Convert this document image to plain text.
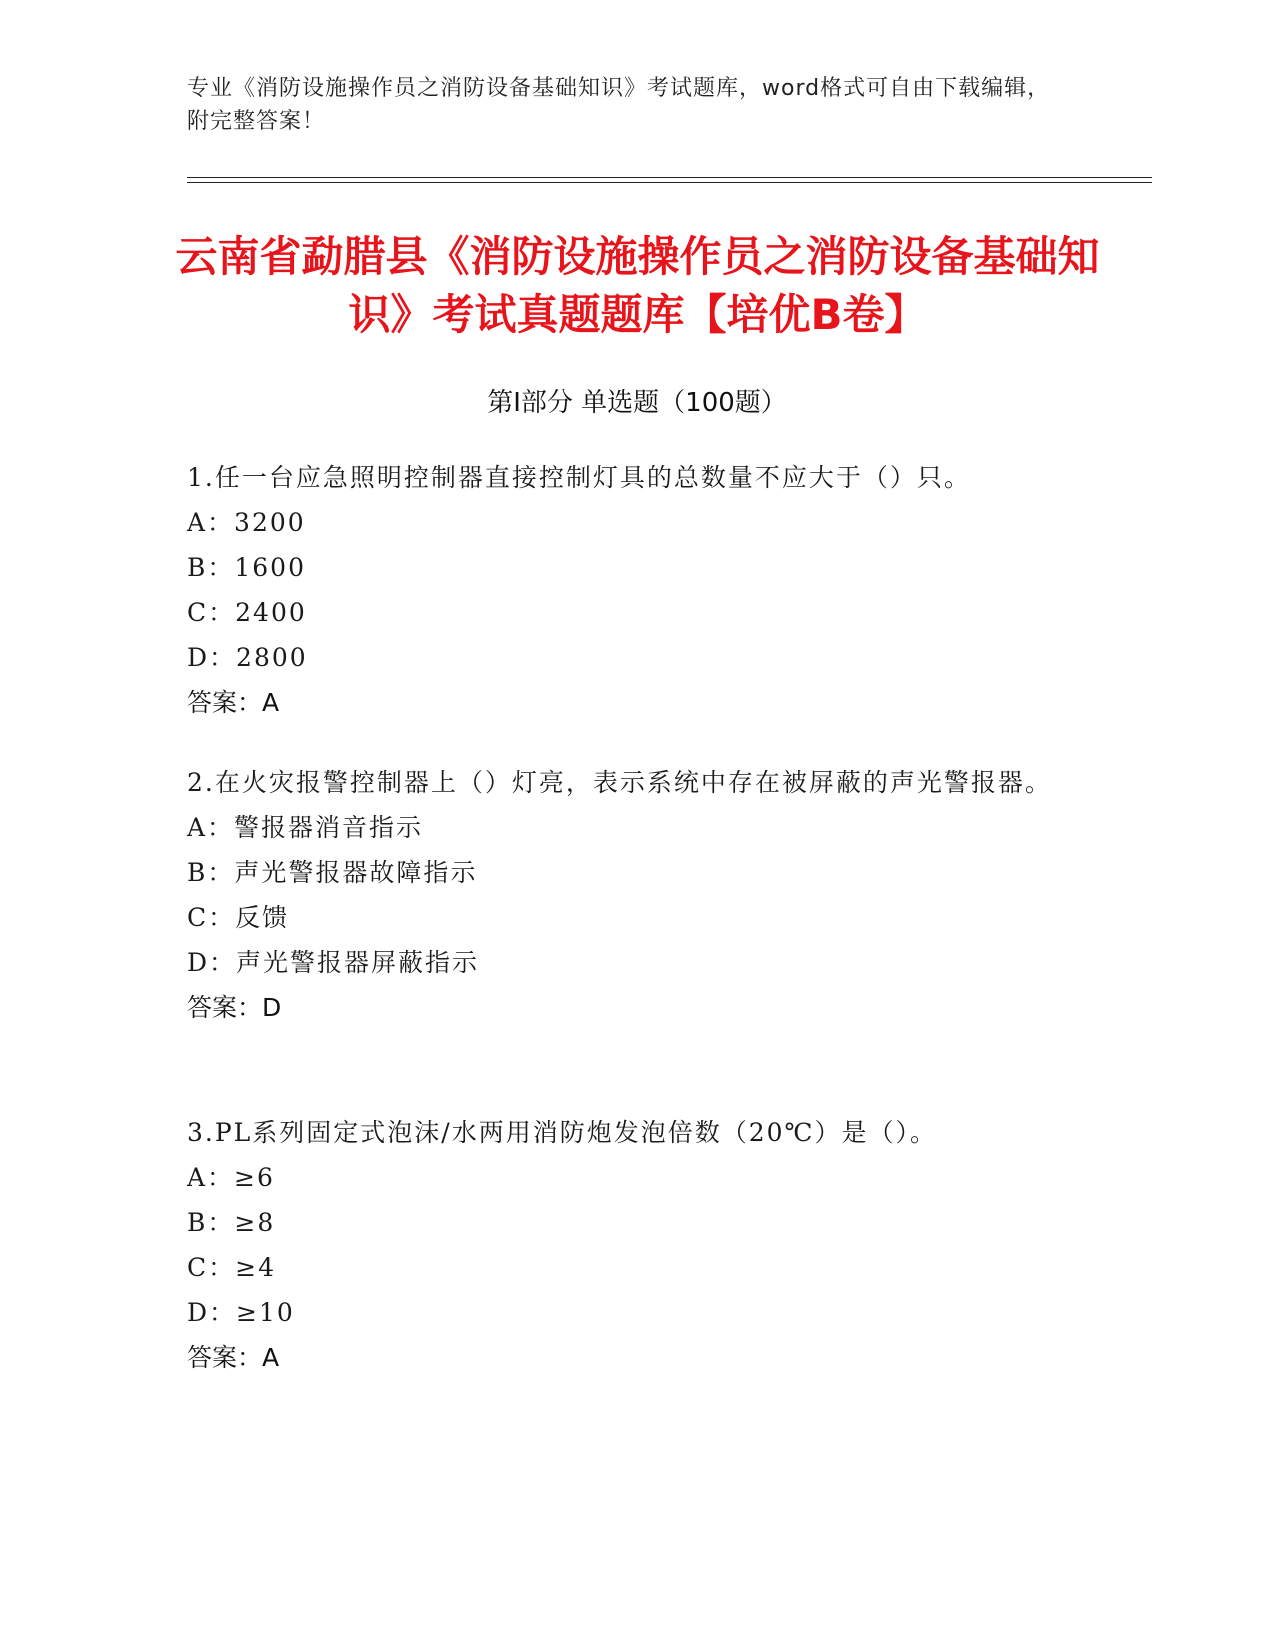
专业《消防设施操作员之消防设备基础知识》考试题库，word格式可自由下载编辑，附完整答案！
云南省勐腊县《消防设施操作员之消防设备基础知识》考试真题题库【培优B卷】
第I部分 单选题（100题）
1.任一台应急照明控制器直接控制灯具的总数量不应大于（）只。
A：3200
B：1600
C：2400
D：2800
答案：A
2.在火灾报警控制器上（）灯亮，表示系统中存在被屏蔽的声光警报器。
A：警报器消音指示
B：声光警报器故障指示
C：反馈
D：声光警报器屏蔽指示
答案：D
3.PL系列固定式泡沫/水两用消防炮发泡倍数（20℃）是（）。
A：≥6
B：≥8
C：≥4
D：≥10
答案：A
